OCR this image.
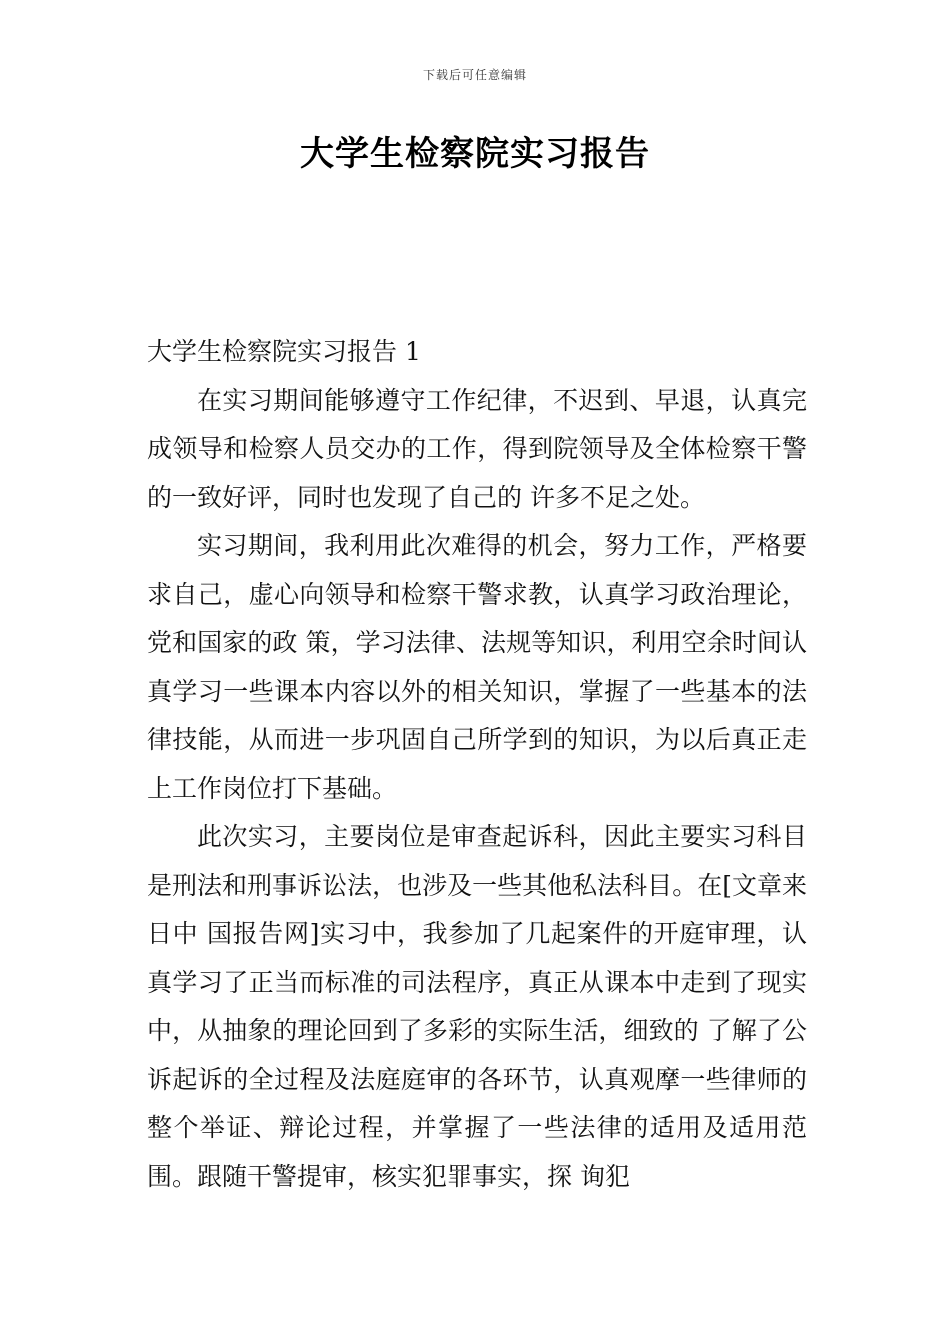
下载后可任意编辑
大学生检察院实习报告

大学生检察院实习报告 1

在实习期间能够遵守工作纪律，不迟到、早退，认真完成领导和检察人员交办的工作，得到院领导及全体检察干警的一致好评，同时也发现了自己的 许多不足之处。

实习期间，我利用此次难得的机会，努力工作，严格要求自己，虚心向领导和检察干警求教，认真学习政治理论，党和国家的政 策，学习法律、法规等知识，利用空余时间认真学习一些课本内容以外的相关知识，掌握了一些基本的法律技能，从而进一步巩固自己所学到的知识，为以后真正走 上工作岗位打下基础。

此次实习，主要岗位是审查起诉科，因此主要实习科目是刑法和刑事诉讼法，也涉及一些其他私法科目。在[文章来日中 国报告网]实习中，我参加了几起案件的开庭审理，认真学习了正当而标准的司法程序，真正从课本中走到了现实中，从抽象的理论回到了多彩的实际生活，细致的 了解了公诉起诉的全过程及法庭庭审的各环节，认真观摩一些律师的整个举证、辩论过程，并掌握了一些法律的适用及适用范围。跟随干警提审，核实犯罪事实，探 询犯
